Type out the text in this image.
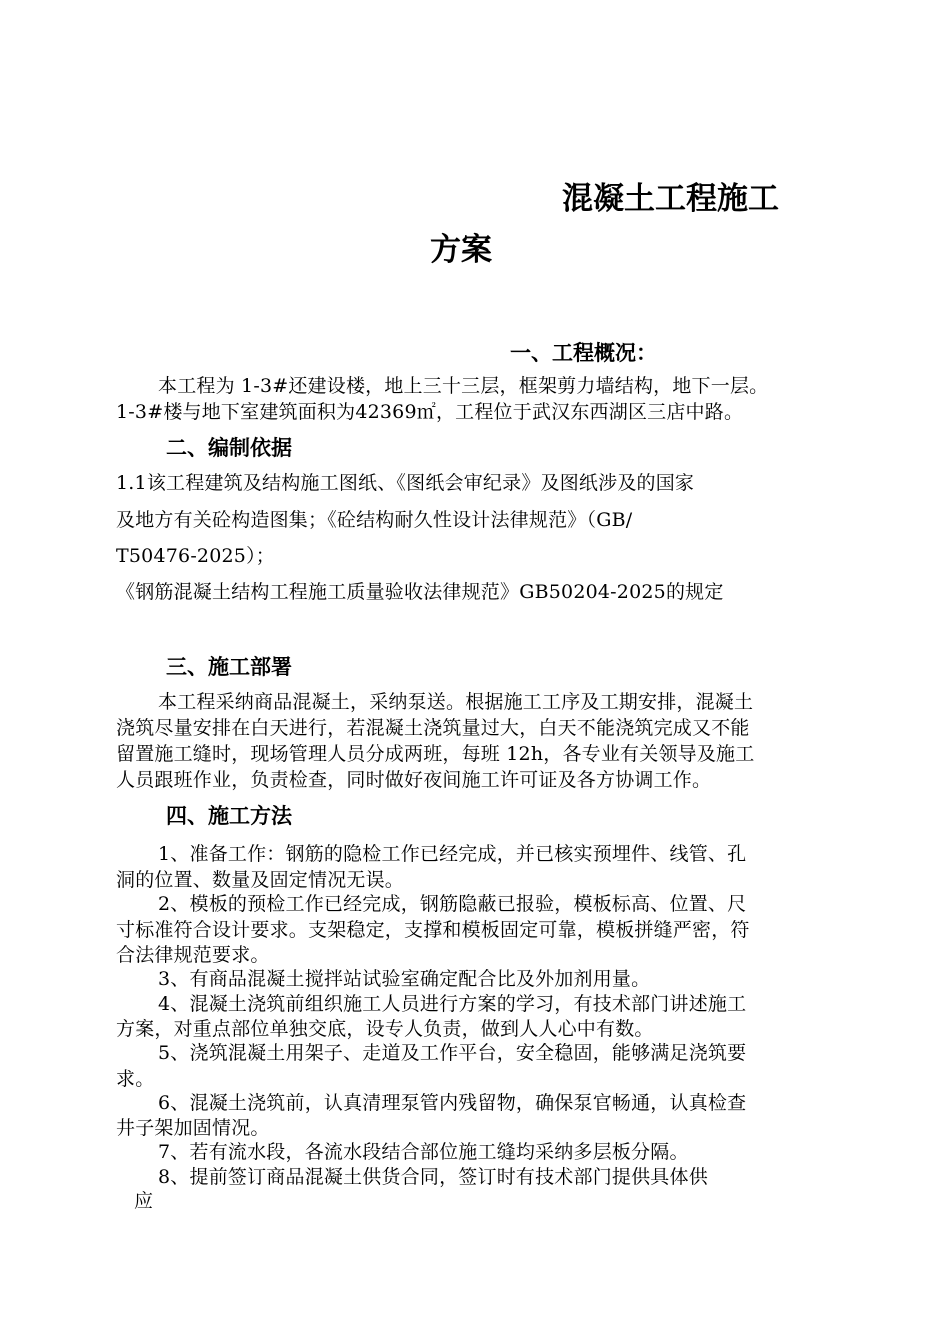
混凝土工程施工
方案
一、工程概况：
本工程为 1-3#还建设楼，地上三十三层，框架剪力墙结构，地下一层。
1-3#楼与地下室建筑面积为42369㎡，工程位于武汉东西湖区三店中路。
二、编制依据
1.1该工程建筑及结构施工图纸、《图纸会审纪录》及图纸涉及的国家
及地方有关砼构造图集；《砼结构耐久性设计法律规范》（GB/
T50476-2025）；
《钢筋混凝土结构工程施工质量验收法律规范》GB50204-2025的规定
三、施工部署
本工程采纳商品混凝土，采纳泵送。根据施工工序及工期安排，混凝土
浇筑尽量安排在白天进行，若混凝土浇筑量过大，白天不能浇筑完成又不能
留置施工缝时，现场管理人员分成两班，每班 12h，各专业有关领导及施工
人员跟班作业，负责检查，同时做好夜间施工许可证及各方协调工作。
四、施工方法
1、准备工作：钢筋的隐检工作已经完成，并已核实预埋件、线管、孔
洞的位置、数量及固定情况无误。
2、模板的预检工作已经完成，钢筋隐蔽已报验，模板标高、位置、尺
寸标准符合设计要求。支架稳定，支撑和模板固定可靠，模板拼缝严密，符
合法律规范要求。
3、有商品混凝土搅拌站试验室确定配合比及外加剂用量。
4、混凝土浇筑前组织施工人员进行方案的学习，有技术部门讲述施工
方案，对重点部位单独交底，设专人负责，做到人人心中有数。
5、浇筑混凝土用架子、走道及工作平台，安全稳固，能够满足浇筑要
求。
6、混凝土浇筑前，认真清理泵管内残留物，确保泵官畅通，认真检查
井子架加固情况。
7、若有流水段，各流水段结合部位施工缝均采纳多层板分隔。
8、提前签订商品混凝土供货合同，签订时有技术部门提供具体供
应
